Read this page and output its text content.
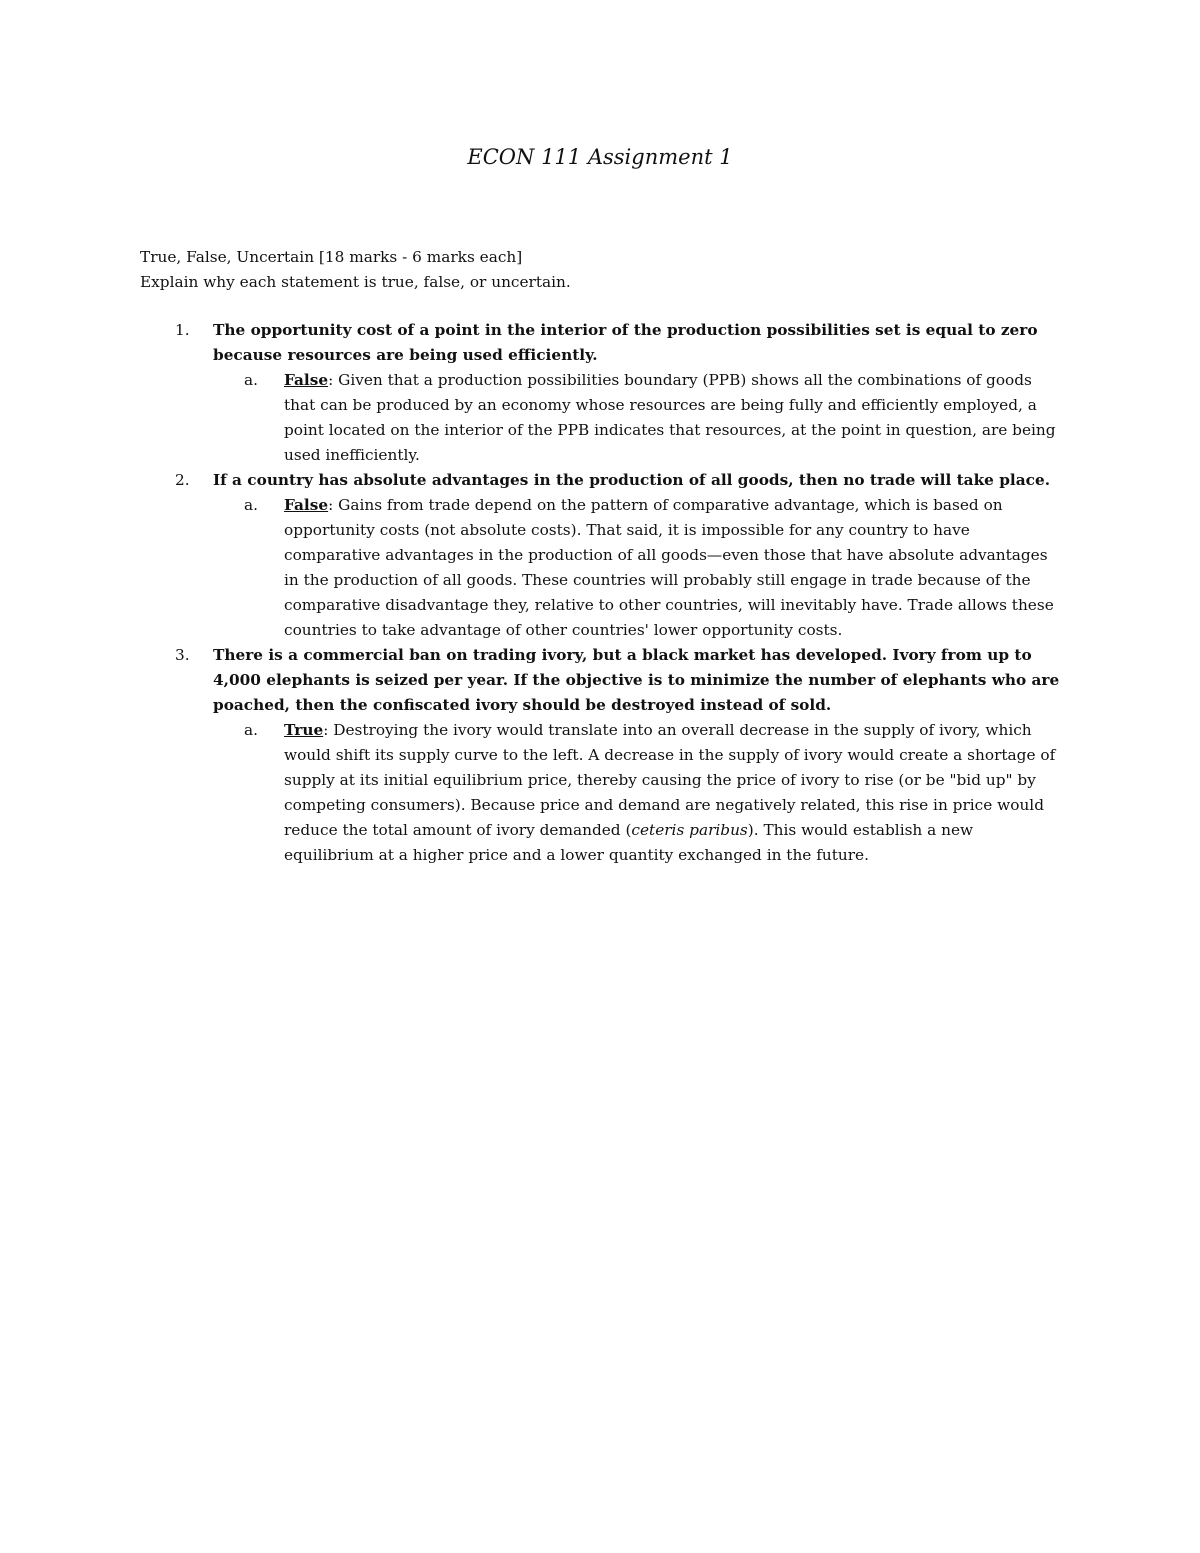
ECON 111 Assignment 1

True, False, Uncertain [18 marks - 6 marks each]

Explain why each statement is true, false, or uncertain.

1.	The opportunity cost of a point in the interior of the production possibilities set is equal to zero because resources are being used efficiently.
a.	False: Given that a production possibilities boundary (PPB) shows all the combinations of goods that can be produced by an economy whose resources are being fully and efficiently employed, a point located on the interior of the PPB indicates that resources, at the point in question, are being used inefficiently.
2.	If a country has absolute advantages in the production of all goods, then no trade will take place.
a.	False: Gains from trade depend on the pattern of comparative advantage, which is based on opportunity costs (not absolute costs). That said, it is impossible for any country to have comparative advantages in the production of all goods—even those that have absolute advantages in the production of all goods. These countries will probably still engage in trade because of the comparative disadvantage they, relative to other countries, will inevitably have. Trade allows these countries to take advantage of other countries' lower opportunity costs.
3.	There is a commercial ban on trading ivory, but a black market has developed. Ivory from up to 4,000 elephants is seized per year. If the objective is to minimize the number of elephants who are poached, then the confiscated ivory should be destroyed instead of sold.
a.	True: Destroying the ivory would translate into an overall decrease in the supply of ivory, which would shift its supply curve to the left. A decrease in the supply of ivory would create a shortage of supply at its initial equilibrium price, thereby causing the price of ivory to rise (or be "bid up" by competing consumers). Because price and demand are negatively related, this rise in price would reduce the total amount of ivory demanded (ceteris paribus). This would establish a new equilibrium at a higher price and a lower quantity exchanged in the future.
